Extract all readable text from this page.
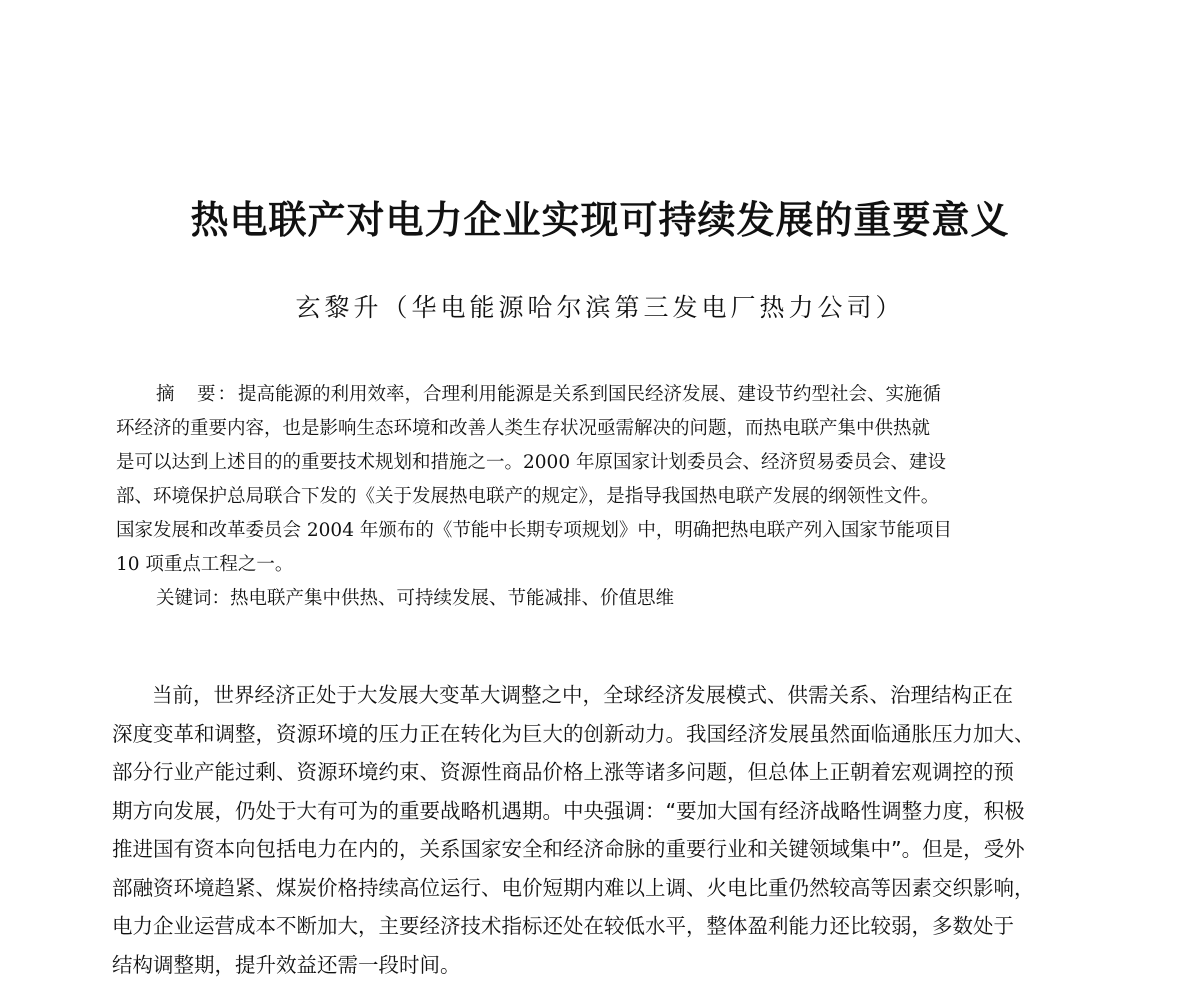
热电联产对电力企业实现可持续发展的重要意义
玄黎升（华电能源哈尔滨第三发电厂热力公司）
摘　要：提高能源的利用效率，合理利用能源是关系到国民经济发展、建设节约型社会、实施循
环经济的重要内容，也是影响生态环境和改善人类生存状况亟需解决的问题，而热电联产集中供热就
是可以达到上述目的的重要技术规划和措施之一。2000 年原国家计划委员会、经济贸易委员会、建设
部、环境保护总局联合下发的《关于发展热电联产的规定》，是指导我国热电联产发展的纲领性文件。
国家发展和改革委员会 2004 年颁布的《节能中长期专项规划》中，明确把热电联产列入国家节能项目
10 项重点工程之一。
关键词：热电联产集中供热、可持续发展、节能减排、价值思维
当前，世界经济正处于大发展大变革大调整之中，全球经济发展模式、供需关系、治理结构正在
深度变革和调整，资源环境的压力正在转化为巨大的创新动力。我国经济发展虽然面临通胀压力加大、
部分行业产能过剩、资源环境约束、资源性商品价格上涨等诸多问题，但总体上正朝着宏观调控的预
期方向发展，仍处于大有可为的重要战略机遇期。中央强调：“要加大国有经济战略性调整力度，积极
推进国有资本向包括电力在内的，关系国家安全和经济命脉的重要行业和关键领域集中”。但是，受外
部融资环境趋紧、煤炭价格持续高位运行、电价短期内难以上调、火电比重仍然较高等因素交织影响，
电力企业运营成本不断加大，主要经济技术指标还处在较低水平，整体盈利能力还比较弱，多数处于
结构调整期，提升效益还需一段时间。
